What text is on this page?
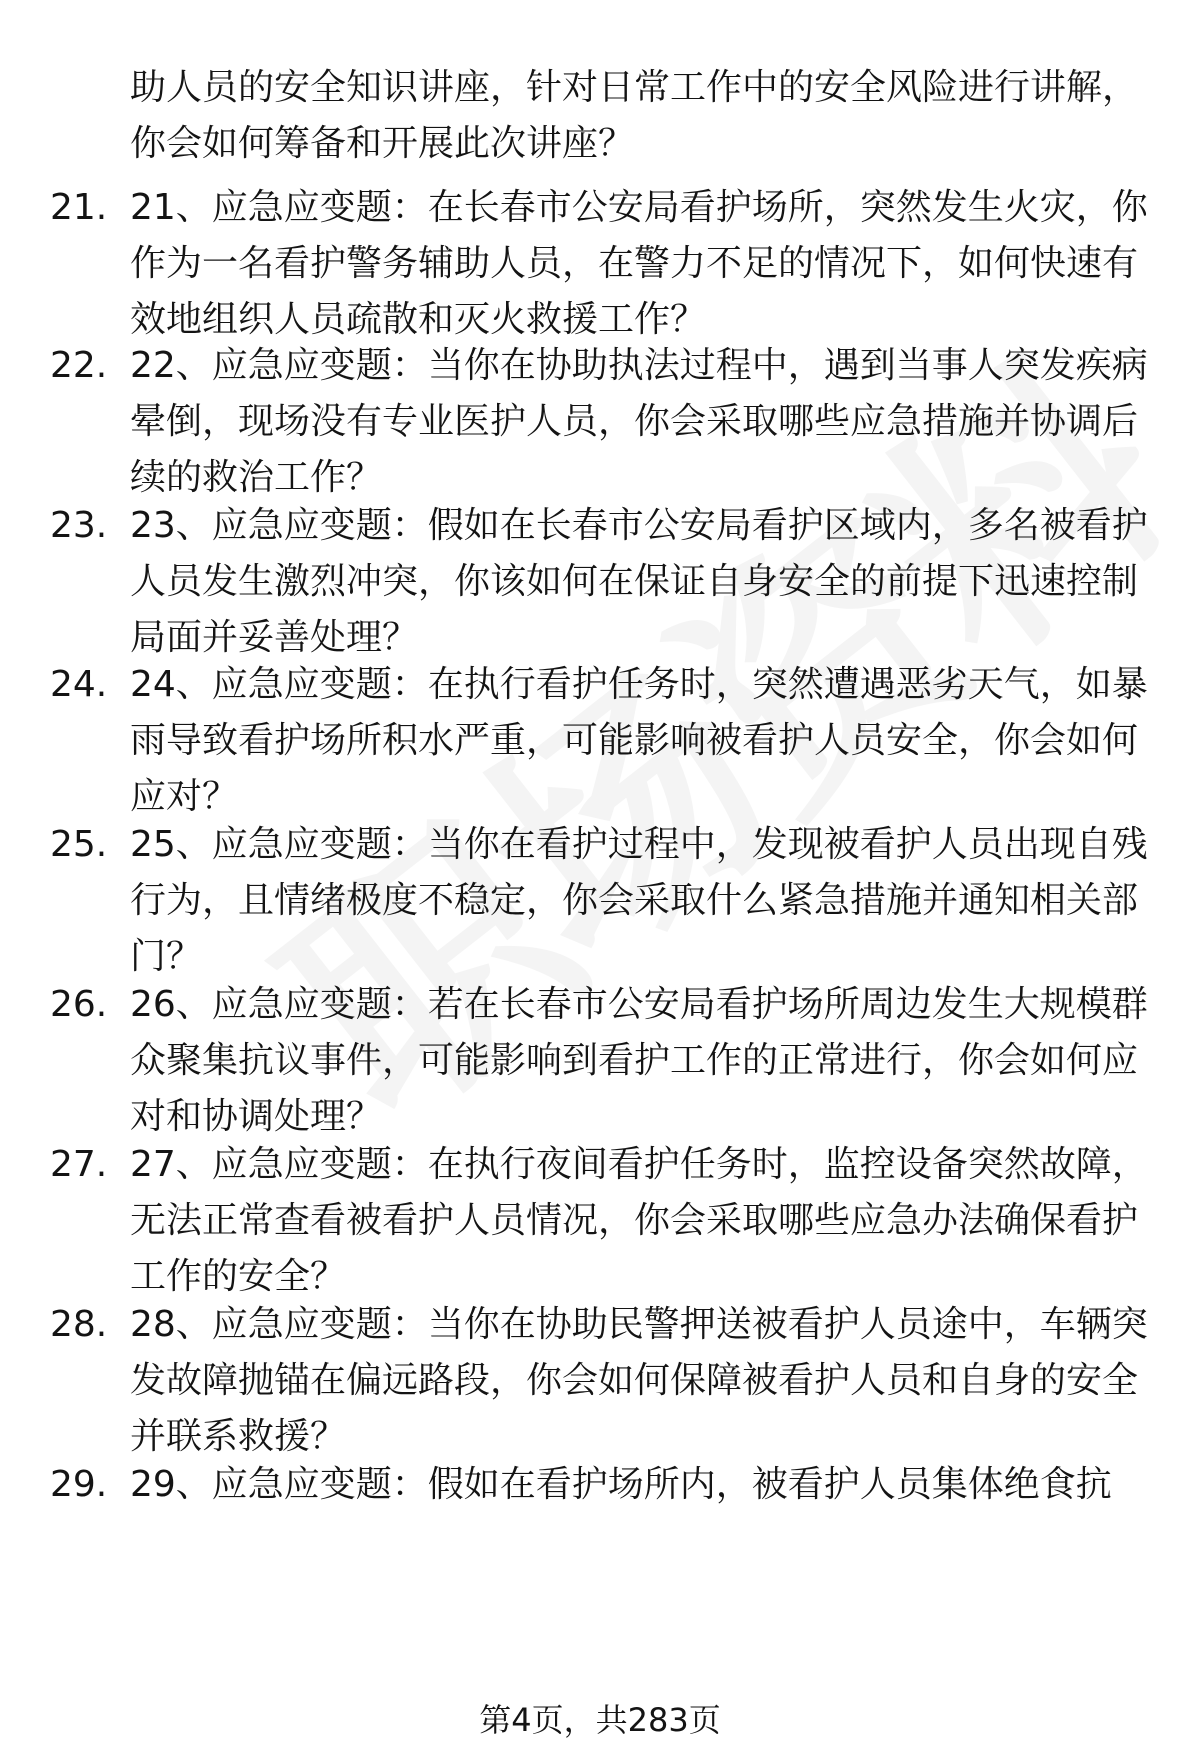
助人员的安全知识讲座，针对日常工作中的安全风险进行讲解，你会如何筹备和开展此次讲座？
21. 21、应急应变题：在长春市公安局看护场所，突然发生火灾，你作为一名看护警务辅助人员，在警力不足的情况下，如何快速有效地组织人员疏散和灭火救援工作？
22. 22、应急应变题：当你在协助执法过程中，遇到当事人突发疾病晕倒，现场没有专业医护人员，你会采取哪些应急措施并协调后续的救治工作？
23. 23、应急应变题：假如在长春市公安局看护区域内，多名被看护人员发生激烈冲突，你该如何在保证自身安全的前提下迅速控制局面并妥善处理？
24. 24、应急应变题：在执行看护任务时，突然遭遇恶劣天气，如暴雨导致看护场所积水严重，可能影响被看护人员安全，你会如何应对？
25. 25、应急应变题：当你在看护过程中，发现被看护人员出现自残行为，且情绪极度不稳定，你会采取什么紧急措施并通知相关部门？
26. 26、应急应变题：若在长春市公安局看护场所周边发生大规模群众聚集抗议事件，可能影响到看护工作的正常进行，你会如何应对和协调处理？
27. 27、应急应变题：在执行夜间看护任务时，监控设备突然故障，无法正常查看被看护人员情况，你会采取哪些应急办法确保看护工作的安全？
28. 28、应急应变题：当你在协助民警押送被看护人员途中，车辆突发故障抛锚在偏远路段，你会如何保障被看护人员和自身的安全并联系救援？
29. 29、应急应变题：假如在看护场所内，被看护人员集体绝食抗
第4页，共283页
